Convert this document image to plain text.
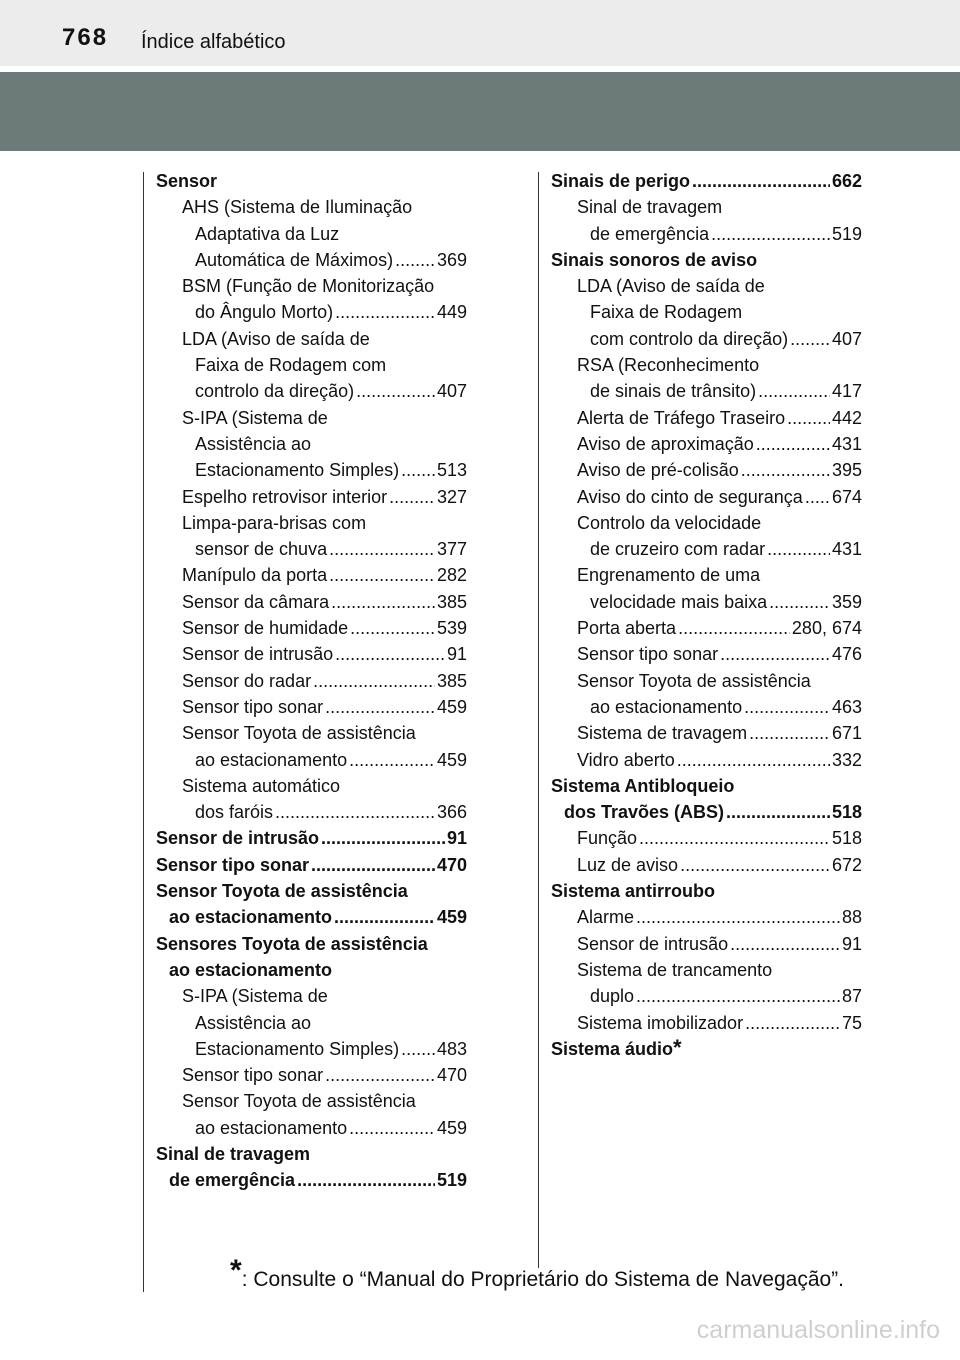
768 Índice alfabético
Sensor
AHS (Sistema de Iluminação
Adaptativa da Luz
Automática de Máximos) ..... 369
BSM (Função de Monitorização
do Ângulo Morto) .....	449
LDA (Aviso de saída de
Faixa de Rodagem com
controlo da direção) .....	407
S-IPA (Sistema de
Assistência ao
Estacionamento Simples) ..... 513
Espelho retrovisor interior .....	327
Limpa-para-brisas com
sensor de chuva .....	377
Manípulo da porta .....	282
Sensor da câmara .....	385
Sensor de humidade .....	539
Sensor de intrusão .....	91
Sensor do radar .....	385
Sensor tipo sonar .....	459
Sensor Toyota de assistência
ao estacionamento .....	459
Sistema automático
dos faróis .....	366
Sensor de intrusão .....	91
Sensor tipo sonar .....	470
Sensor Toyota de assistência
ao estacionamento .....	459
Sensores Toyota de assistência
ao estacionamento
S-IPA (Sistema de
Assistência ao
Estacionamento Simples) ..... 483
Sensor tipo sonar .....	470
Sensor Toyota de assistência
ao estacionamento .....	459
Sinal de travagem
de emergência .....	519
Sinais de perigo .....	662
Sinal de travagem
de emergência .....	519
Sinais sonoros de aviso
LDA (Aviso de saída de
Faixa de Rodagem
com controlo da direção) ..... 407
RSA (Reconhecimento
de sinais de trânsito) .....	417
Alerta de Tráfego Traseiro .....	442
Aviso de aproximação .....	431
Aviso de pré-colisão .....	395
Aviso do cinto de segurança ..... 674
Controlo da velocidade
de cruzeiro com radar .....	431
Engrenamento de uma
velocidade mais baixa .....	359
Porta aberta .....	280, 674
Sensor tipo sonar .....	476
Sensor Toyota de assistência
ao estacionamento .....	463
Sistema de travagem .....	671
Vidro aberto .....	332
Sistema Antibloqueio
dos Travões (ABS) .....	518
Função .....	518
Luz de aviso .....	672
Sistema antirroubo
Alarme .....	88
Sensor de intrusão .....	91
Sistema de trancamento
duplo .....	87
Sistema imobilizador .....	75
Sistema áudio *
*: Consulte o “Manual do Proprietário do Sistema de Navegação”.
carmanualsonline.info
